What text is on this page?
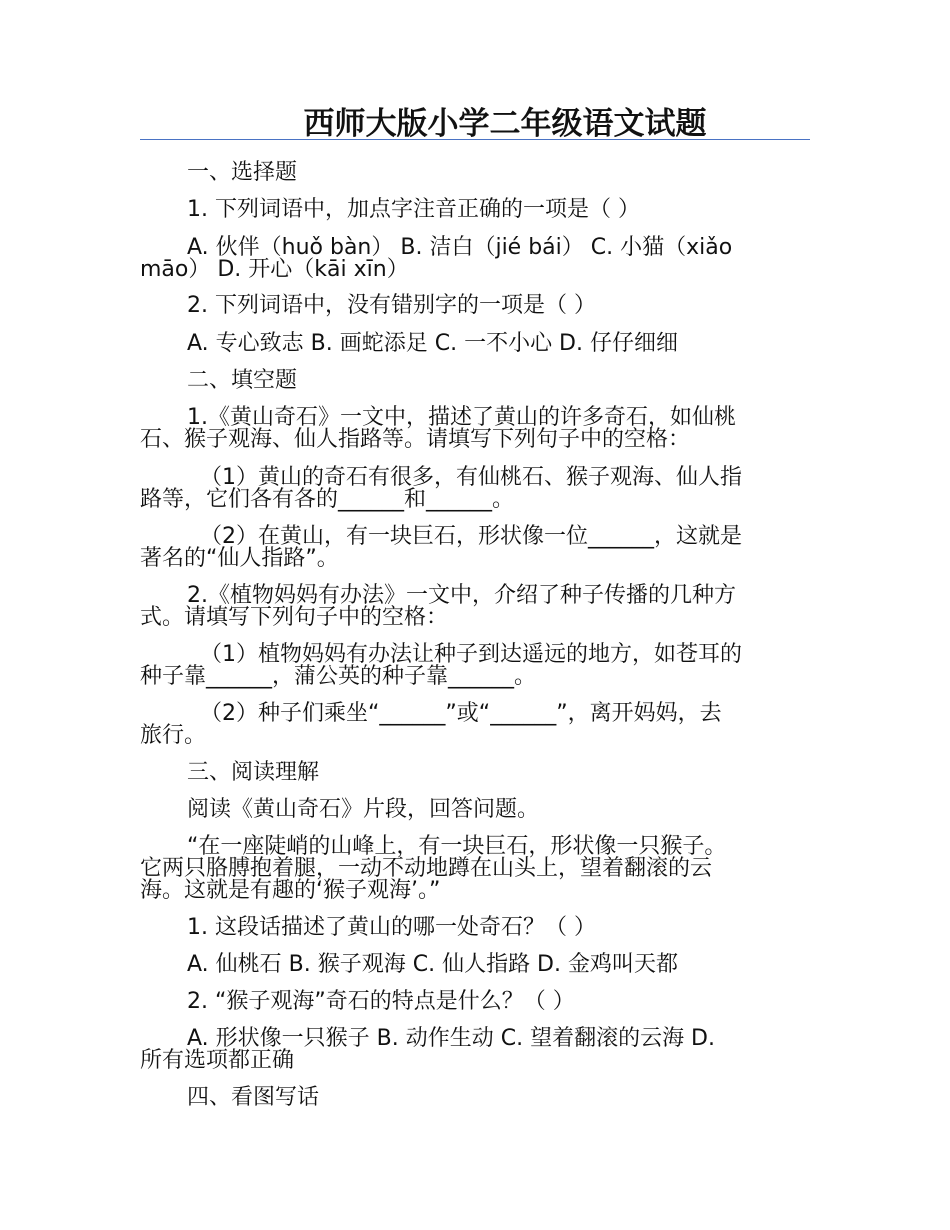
西师大版小学二年级语文试题
一、选择题
1. 下列词语中，加点字注音正确的一项是（ ）
A. 伙伴（huǒ bàn） B. 洁白（jié bái） C. 小猫（xiǎo
māo） D. 开心（kāi xīn）
2. 下列词语中，没有错别字的一项是（ ）
A. 专心致志 B. 画蛇添足 C. 一不小心 D. 仔仔细细
二、填空题
1.《黄山奇石》一文中，描述了黄山的许多奇石，如仙桃
石、猴子观海、仙人指路等。请填写下列句子中的空格：
（1）黄山的奇石有很多，有仙桃石、猴子观海、仙人指
路等，它们各有各的______和______。
（2）在黄山，有一块巨石，形状像一位______，这就是
著名的“仙人指路”。
2.《植物妈妈有办法》一文中，介绍了种子传播的几种方
式。请填写下列句子中的空格：
（1）植物妈妈有办法让种子到达遥远的地方，如苍耳的
种子靠______，蒲公英的种子靠______。
（2）种子们乘坐“______”或“______”，离开妈妈，去
旅行。
三、阅读理解
阅读《黄山奇石》片段，回答问题。
“在一座陡峭的山峰上，有一块巨石，形状像一只猴子。
它两只胳膊抱着腿，一动不动地蹲在山头上，望着翻滚的云
海。这就是有趣的‘猴子观海’。”
1. 这段话描述了黄山的哪一处奇石？（ ）
A. 仙桃石 B. 猴子观海 C. 仙人指路 D. 金鸡叫天都
2. “猴子观海”奇石的特点是什么？（ ）
A. 形状像一只猴子 B. 动作生动 C. 望着翻滚的云海 D.
所有选项都正确
四、看图写话
